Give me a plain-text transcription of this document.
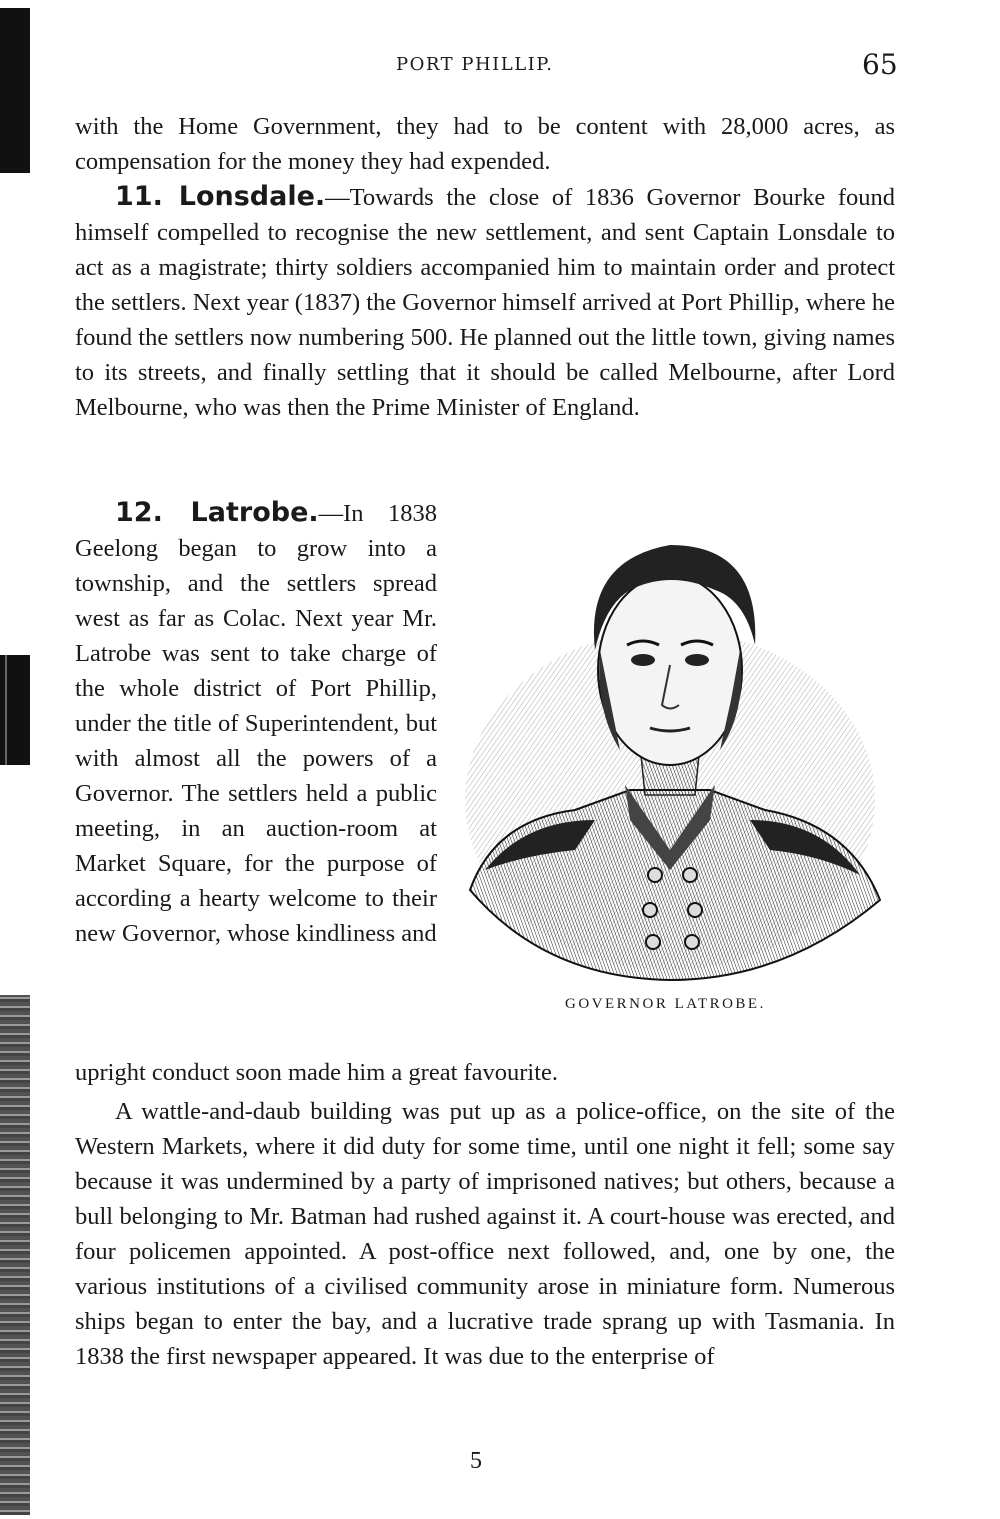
PORT PHILLIP.	65

with the Home Government, they had to be content with 28,000 acres, as compensation for the money they had expended.

11. Lonsdale.—Towards the close of 1836 Governor Bourke found himself compelled to recognise the new settlement, and sent Captain Lonsdale to act as a magistrate; thirty soldiers accompanied him to maintain order and protect the settlers. Next year (1837) the Governor himself arrived at Port Phillip, where he found the settlers now numbering 500. He planned out the little town, giving names to its streets, and finally settling that it should be called Melbourne, after Lord Melbourne, who was then the Prime Minister of England.

12. Latrobe.—In 1838 Geelong began to grow into a township, and the settlers spread west as far as Colac. Next year Mr. Latrobe was sent to take charge of the whole district of Port Phillip, under the title of Superintendent, but with almost all the powers of a Governor. The settlers held a public meeting, in an auction-room at Market Square, for the purpose of according a hearty welcome to their new Governor, whose kindliness and

GOVERNOR LATROBE.

upright conduct soon made him a great favourite.

A wattle-and-daub building was put up as a police-office, on the site of the Western Markets, where it did duty for some time, until one night it fell; some say because it was undermined by a party of imprisoned natives; but others, because a bull belonging to Mr. Batman had rushed against it. A court-house was erected, and four policemen appointed. A post-office next followed, and, one by one, the various institutions of a civilised community arose in miniature form. Numerous ships began to enter the bay, and a lucrative trade sprang up with Tasmania. In 1838 the first newspaper appeared. It was due to the enterprise of

5
